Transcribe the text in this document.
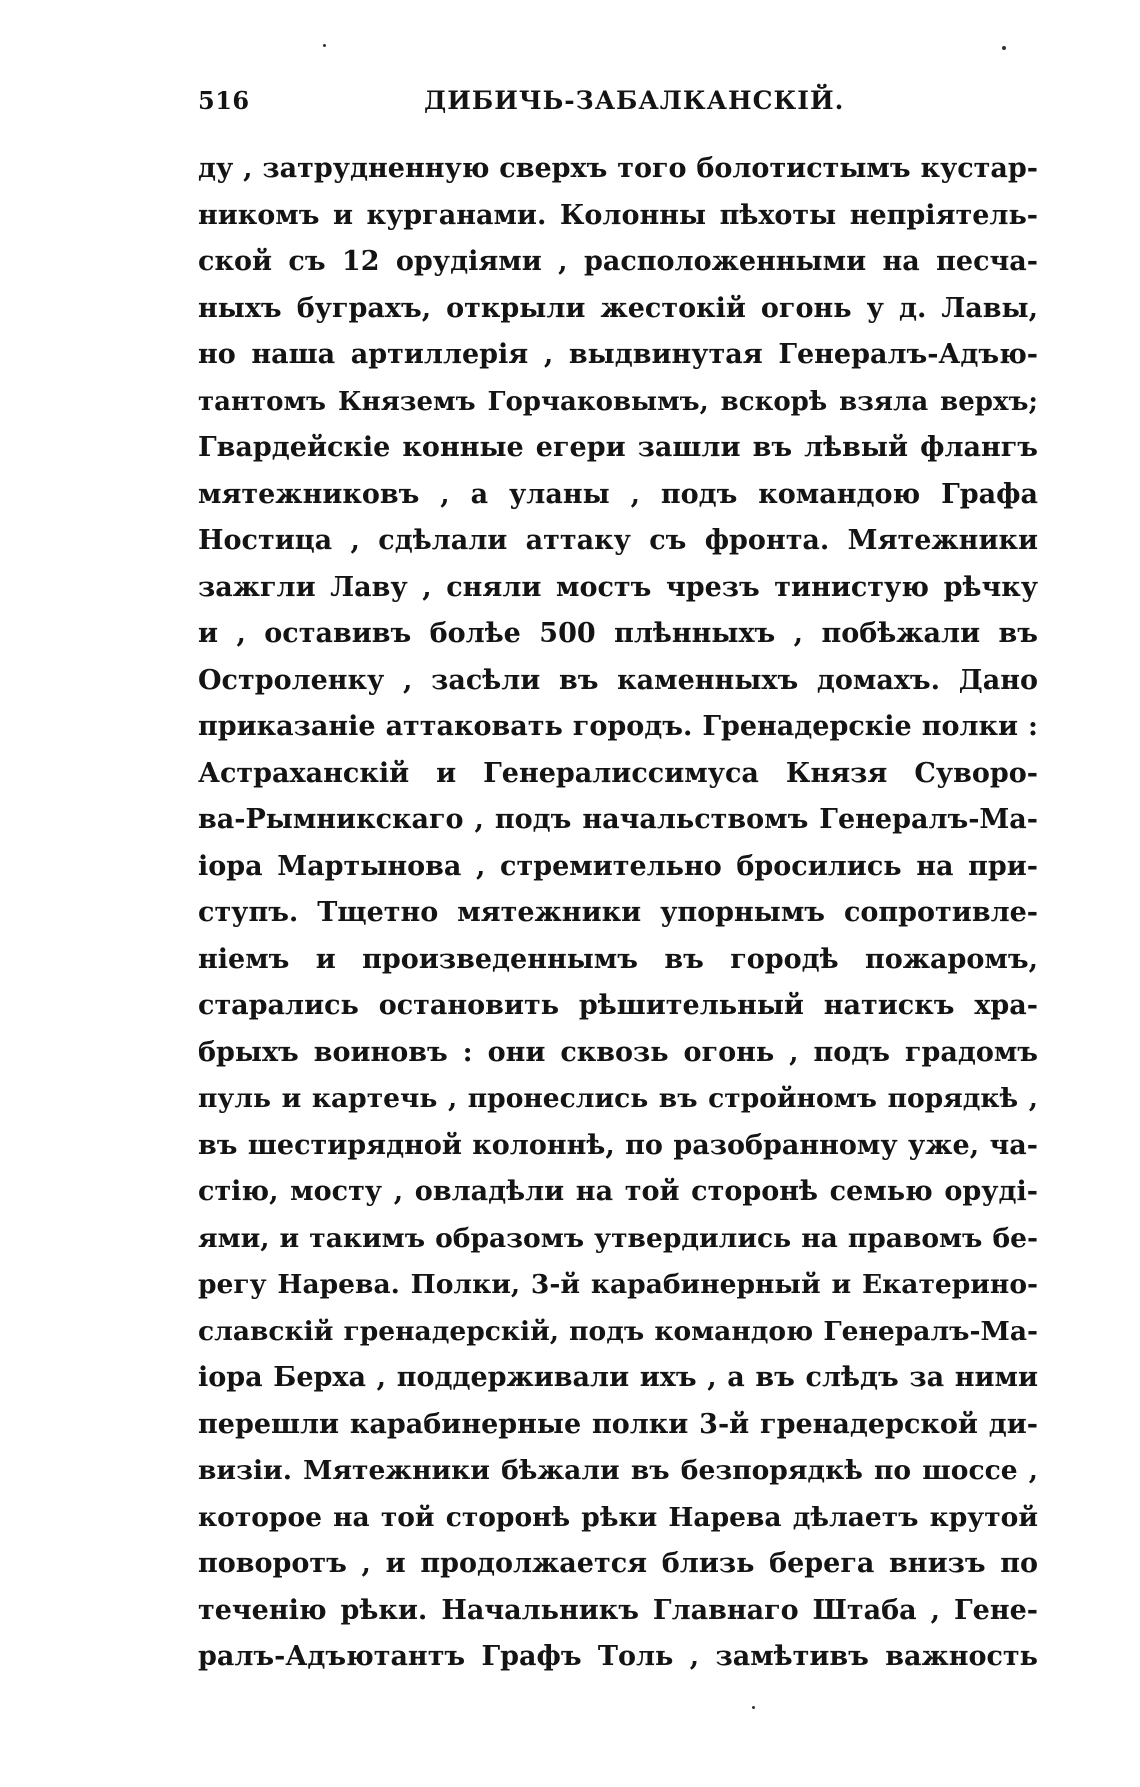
516	ДИБИЧЬ-ЗАБАЛКАНСКІЙ.
ду , затрудненную сверхъ того болотистымъ кустар-
никомъ и курганами. Колонны пѣхоты непріятель-
ской съ 12 орудіями , расположенными на песча-
ныхъ буграхъ, открыли жестокій огонь у д. Лавы,
но наша артиллерія , выдвинутая Генералъ-Адъю-
тантомъ Княземъ Горчаковымъ, вскорѣ взяла верхъ;
Гвардейскіе конные егери зашли въ лѣвый флангъ
мятежниковъ , а уланы , подъ командою Графа
Ностица , сдѣлали аттаку съ фронта. Мятежники
зажгли Лаву , сняли мостъ чрезъ тинистую рѣчку
и , оставивъ болѣе 500 плѣнныхъ , побѣжали въ
Остроленку , засѣли въ каменныхъ домахъ. Дано
приказаніе аттаковать городъ. Гренадерскіе полки :
Астраханскій и Генералиссимуса Князя Суворо-
ва-Рымникскаго , подъ начальствомъ Генералъ-Ма-
іора Мартынова , стремительно бросились на при-
ступъ. Тщетно мятежники упорнымъ сопротивле-
ніемъ и произведеннымъ въ городѣ пожаромъ,
старались остановить рѣшительный натискъ хра-
брыхъ воиновъ : они сквозь огонь , подъ градомъ
пуль и картечь , пронеслись въ стройномъ порядкѣ ,
въ шестирядной колоннѣ, по разобранному уже, ча-
стію, мосту , овладѣли на той сторонѣ семью орудi-
ями, и такимъ образомъ утвердились на правомъ бе-
регу Нарева. Полки, 3-й карабинерный и Екатерино-
славскій гренадерскій, подъ командою Генералъ-Ма-
іора Берха , поддерживали ихъ , а въ слѣдъ за ними
перешли карабинерные полки 3-й гренадерской ди-
визіи. Мятежники бѣжали въ безпорядкѣ по шоссе ,
которое на той сторонѣ рѣки Нарева дѣлаетъ крутой
поворотъ , и продолжается близь берега внизъ по
теченію рѣки. Начальникъ Главнаго Штаба , Гене-
ралъ-Адъютантъ Графъ Толь , замѣтивъ важность
